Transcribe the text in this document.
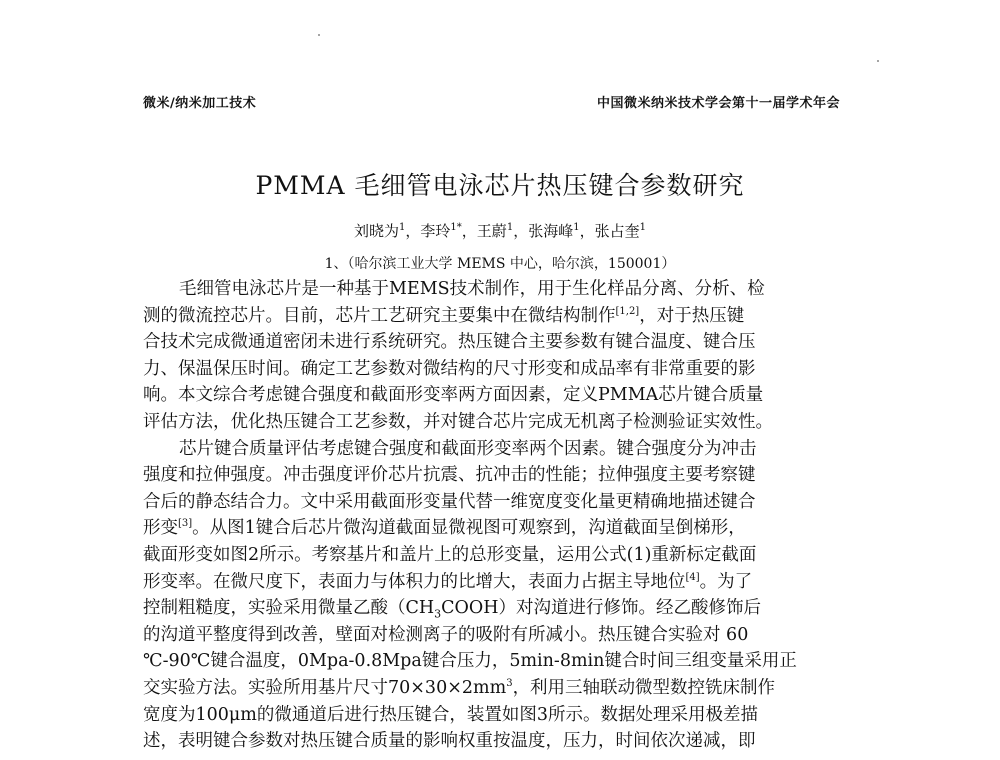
微米/纳米加工技术	中国微米纳米技术学会第十一届学术年会
PMMA 毛细管电泳芯片热压键合参数研究
刘晓为$^1$，李玲$^{1*}$，王蔚$^1$，张海峰$^1$，张占奎$^1$
1、（哈尔滨工业大学 MEMS 中心，哈尔滨，150001）
毛细管电泳芯片是一种基于MEMS技术制作，用于生化样品分离、分析、检
测的微流控芯片。目前，芯片工艺研究主要集中在微结构制作[1,2]，对于热压键
合技术完成微通道密闭未进行系统研究。热压键合主要参数有键合温度、键合压
力、保温保压时间。确定工艺参数对微结构的尺寸形变和成品率有非常重要的影
响。本文综合考虑键合强度和截面形变率两方面因素，定义PMMA芯片键合质量
评估方法，优化热压键合工艺参数，并对键合芯片完成无机离子检测验证实效性。
芯片键合质量评估考虑键合强度和截面形变率两个因素。键合强度分为冲击
强度和拉伸强度。冲击强度评价芯片抗震、抗冲击的性能；拉伸强度主要考察键
合后的静态结合力。文中采用截面形变量代替一维宽度变化量更精确地描述键合
形变[3]。从图1键合后芯片微沟道截面显微视图可观察到，沟道截面呈倒梯形，
截面形变如图2所示。考察基片和盖片上的总形变量，运用公式(1)重新标定截面
形变率。在微尺度下，表面力与体积力的比增大，表面力占据主导地位[4]。为了
控制粗糙度，实验采用微量乙酸$(CH_3COOH)$对沟道进行修饰。经乙酸修饰后
的沟道平整度得到改善，壁面对检测离子的吸附有所减小。热压键合实验对 60
℃-90℃键合温度，0Mpa-0.8Mpa键合压力，5min-8min键合时间三组变量采用正
交实验方法。实验所用基片尺寸$70\times 30\times 2mm^3$，利用三轴联动微型数控铣床制作
宽度为100μm的微通道后进行热压键合，装置如图3所示。数据处理采用极差描
述，表明键合参数对热压键合质量的影响权重按温度，压力，时间依次递减，即
